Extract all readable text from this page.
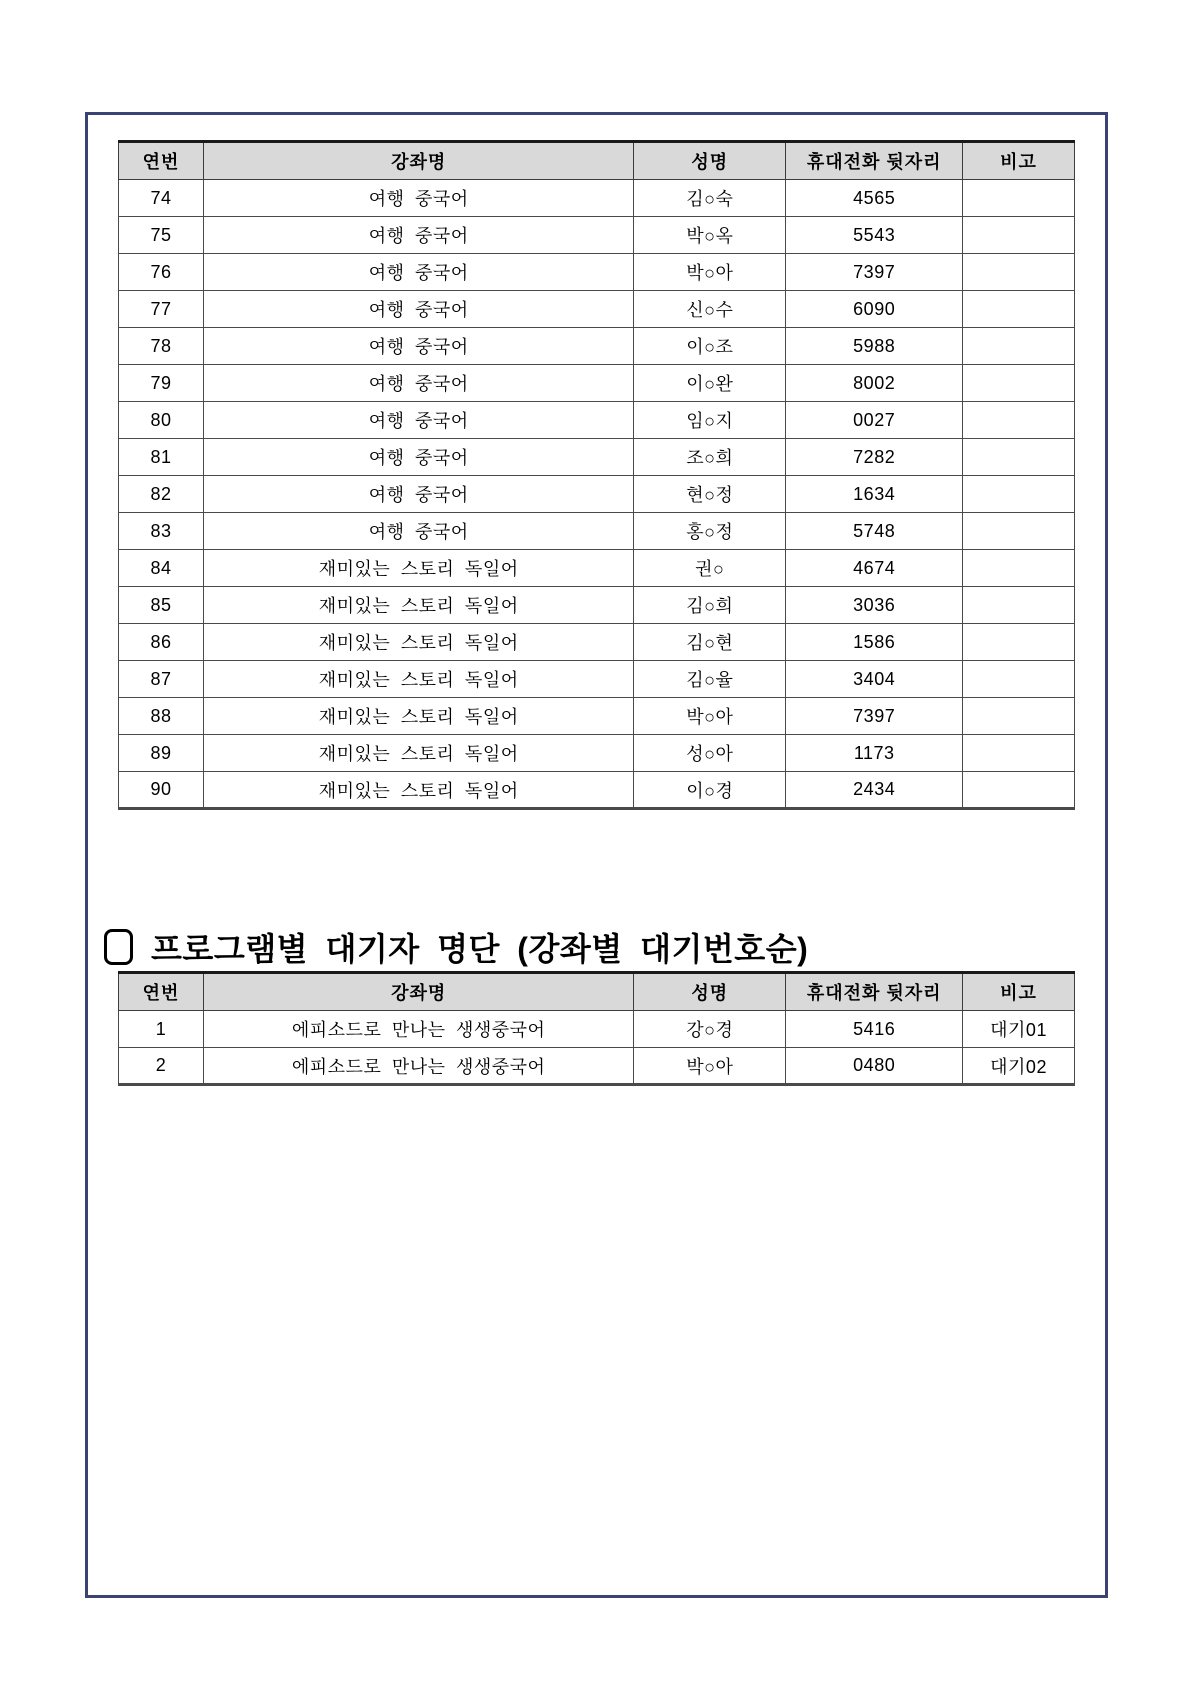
연번	강좌명	성명	휴대전화 뒷자리	비고
74	여행 중국어	김○숙	4565	
75	여행 중국어	박○옥	5543	
76	여행 중국어	박○아	7397	
77	여행 중국어	신○수	6090	
78	여행 중국어	이○조	5988	
79	여행 중국어	이○완	8002	
80	여행 중국어	임○지	0027	
81	여행 중국어	조○희	7282	
82	여행 중국어	현○정	1634	
83	여행 중국어	홍○정	5748	
84	재미있는 스토리 독일어	권○	4674	
85	재미있는 스토리 독일어	김○희	3036	
86	재미있는 스토리 독일어	김○현	1586	
87	재미있는 스토리 독일어	김○율	3404	
88	재미있는 스토리 독일어	박○아	7397	
89	재미있는 스토리 독일어	성○아	1173	
90	재미있는 스토리 독일어	이○경	2434	
프로그램별 대기자 명단 (강좌별 대기번호순)
연번	강좌명	성명	휴대전화 뒷자리	비고
1	에피소드로 만나는 생생중국어	강○경	5416	대기01
2	에피소드로 만나는 생생중국어	박○아	0480	대기02
